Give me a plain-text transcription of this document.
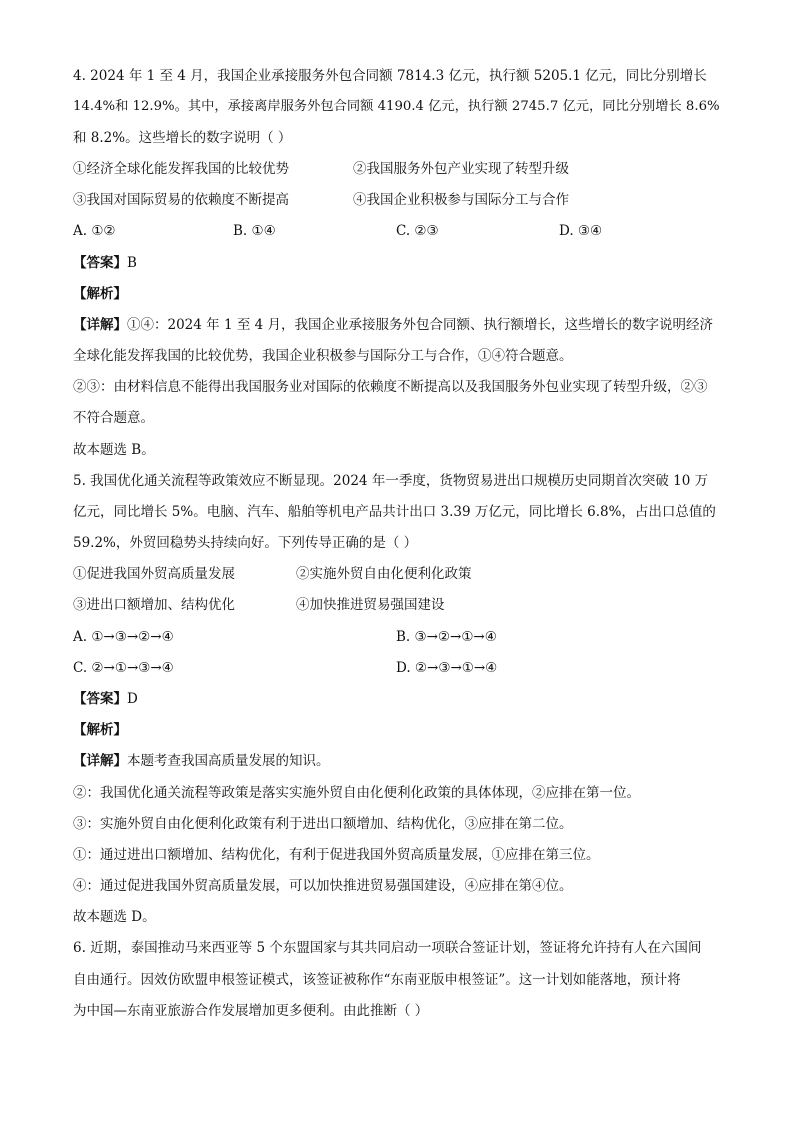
4. 2024 年 1 至 4 月，我国企业承接服务外包合同额 7814.3 亿元，执行额 5205.1 亿元，同比分别增长
14.4%和 12.9%。其中，承接离岸服务外包合同额 4190.4 亿元，执行额 2745.7 亿元，同比分别增长 8.6%
和 8.2%。这些增长的数字说明（ ）
①经济全球化能发挥我国的比较优势	②我国服务外包产业实现了转型升级
③我国对国际贸易的依赖度不断提高	④我国企业积极参与国际分工与合作
A. ①②	B. ①④	C. ②③	D. ③④
【答案】B
【解析】
【详解】①④：2024 年 1 至 4 月，我国企业承接服务外包合同额、执行额增长，这些增长的数字说明经济
全球化能发挥我国的比较优势，我国企业积极参与国际分工与合作，①④符合题意。
②③：由材料信息不能得出我国服务业对国际的依赖度不断提高以及我国服务外包业实现了转型升级，②③
不符合题意。
故本题选 B。
5. 我国优化通关流程等政策效应不断显现。2024 年一季度，货物贸易进出口规模历史同期首次突破 10 万
亿元，同比增长 5%。电脑、汽车、船舶等机电产品共计出口 3.39 万亿元，同比增长 6.8%，占出口总值的
59.2%，外贸回稳势头持续向好。下列传导正确的是（ ）
①促进我国外贸高质量发展	②实施外贸自由化便利化政策
③进出口额增加、结构优化	④加快推进贸易强国建设
A. ①→③→②→④	B. ③→②→①→④
C. ②→①→③→④	D. ②→③→①→④
【答案】D
【解析】
【详解】本题考查我国高质量发展的知识。
②：我国优化通关流程等政策是落实实施外贸自由化便利化政策的具体体现，②应排在第一位。
③：实施外贸自由化便利化政策有利于进出口额增加、结构优化，③应排在第二位。
①：通过进出口额增加、结构优化，有利于促进我国外贸高质量发展，①应排在第三位。
④：通过促进我国外贸高质量发展，可以加快推进贸易强国建设，④应排在第④位。
故本题选 D。
6. 近期，泰国推动马来西亚等 5 个东盟国家与其共同启动一项联合签证计划，签证将允许持有人在六国间
自由通行。因效仿欧盟申根签证模式，该签证被称作“东南亚版申根签证”。这一计划如能落地，预计将
为中国—东南亚旅游合作发展增加更多便利。由此推断（ ）
